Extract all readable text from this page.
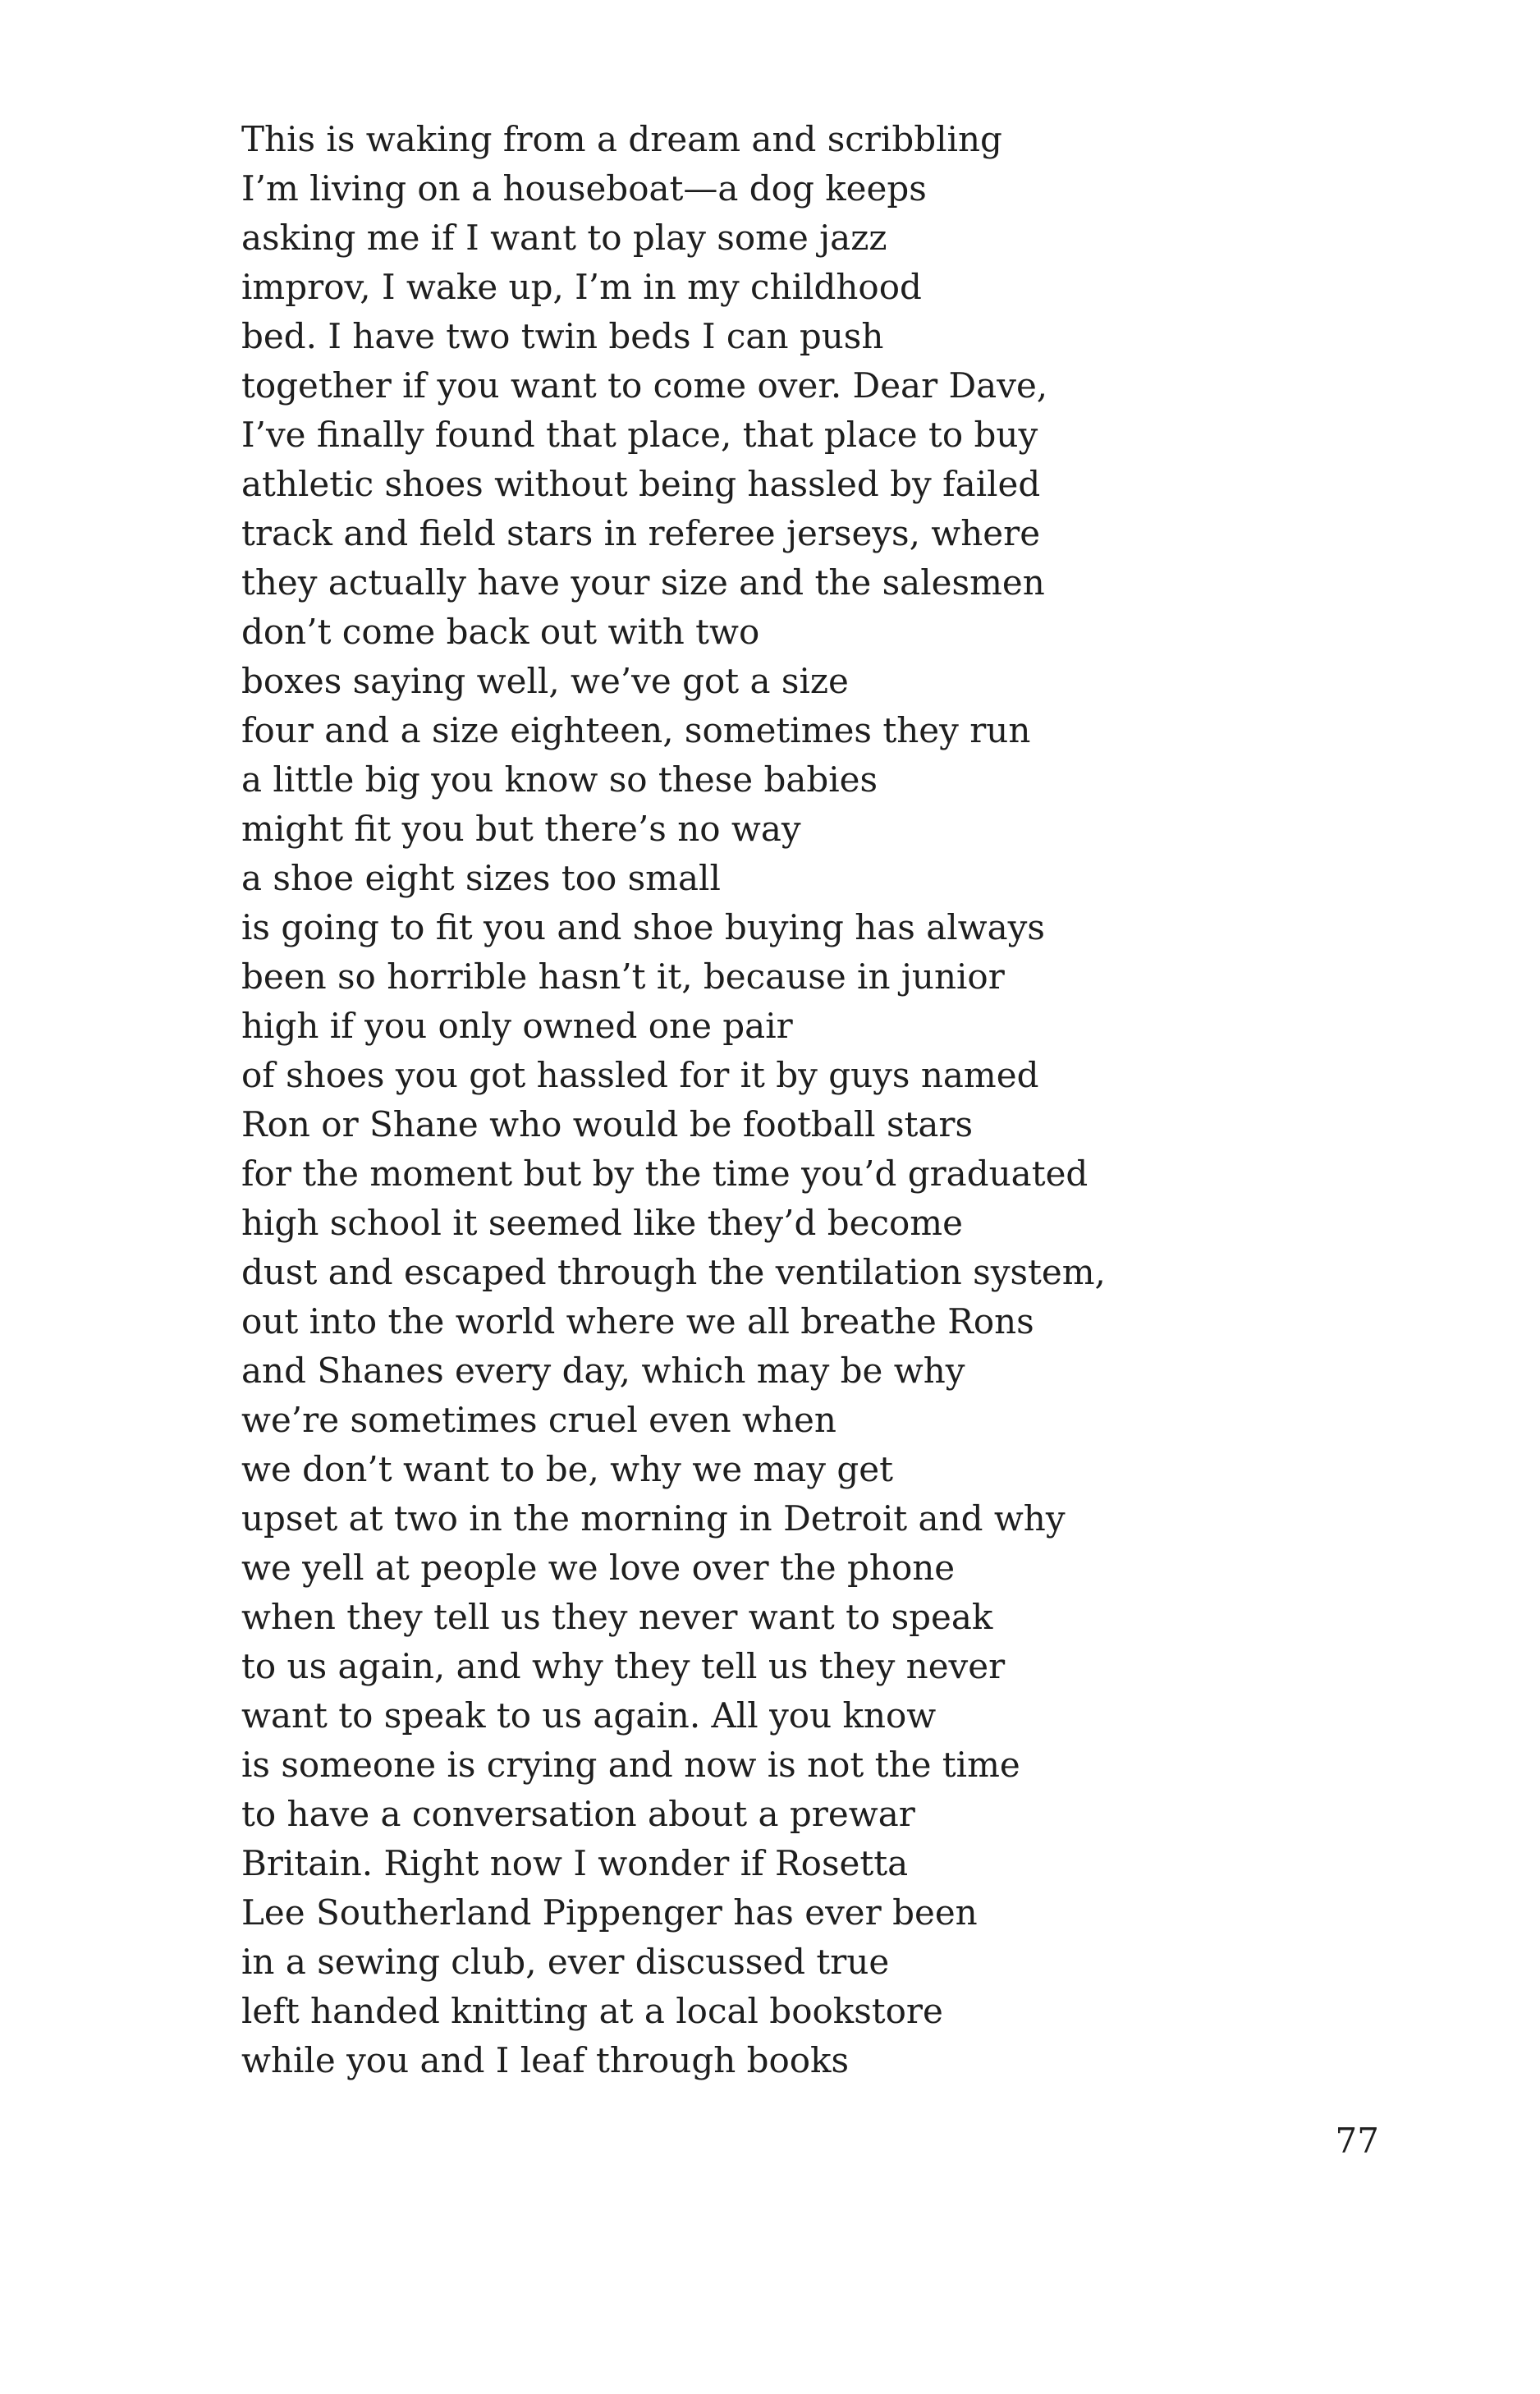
This is waking from a dream and scribbling
I’m living on a houseboat—a dog keeps
asking me if I want to play some jazz
improv, I wake up, I’m in my childhood
bed. I have two twin beds I can push
together if you want to come over. Dear Dave,
I’ve finally found that place, that place to buy
athletic shoes without being hassled by failed
track and field stars in referee jerseys, where
they actually have your size and the salesmen
don’t come back out with two
boxes saying well, we’ve got a size
four and a size eighteen, sometimes they run
a little big you know so these babies
might fit you but there’s no way
a shoe eight sizes too small
is going to fit you and shoe buying has always
been so horrible hasn’t it, because in junior
high if you only owned one pair
of shoes you got hassled for it by guys named
Ron or Shane who would be football stars
for the moment but by the time you’d graduated
high school it seemed like they’d become
dust and escaped through the ventilation system,
out into the world where we all breathe Rons
and Shanes every day, which may be why
we’re sometimes cruel even when
we don’t want to be, why we may get
upset at two in the morning in Detroit and why
we yell at people we love over the phone
when they tell us they never want to speak
to us again, and why they tell us they never
want to speak to us again. All you know
is someone is crying and now is not the time
to have a conversation about a prewar
Britain. Right now I wonder if Rosetta
Lee Southerland Pippenger has ever been
in a sewing club, ever discussed true
left handed knitting at a local bookstore
while you and I leaf through books
77
